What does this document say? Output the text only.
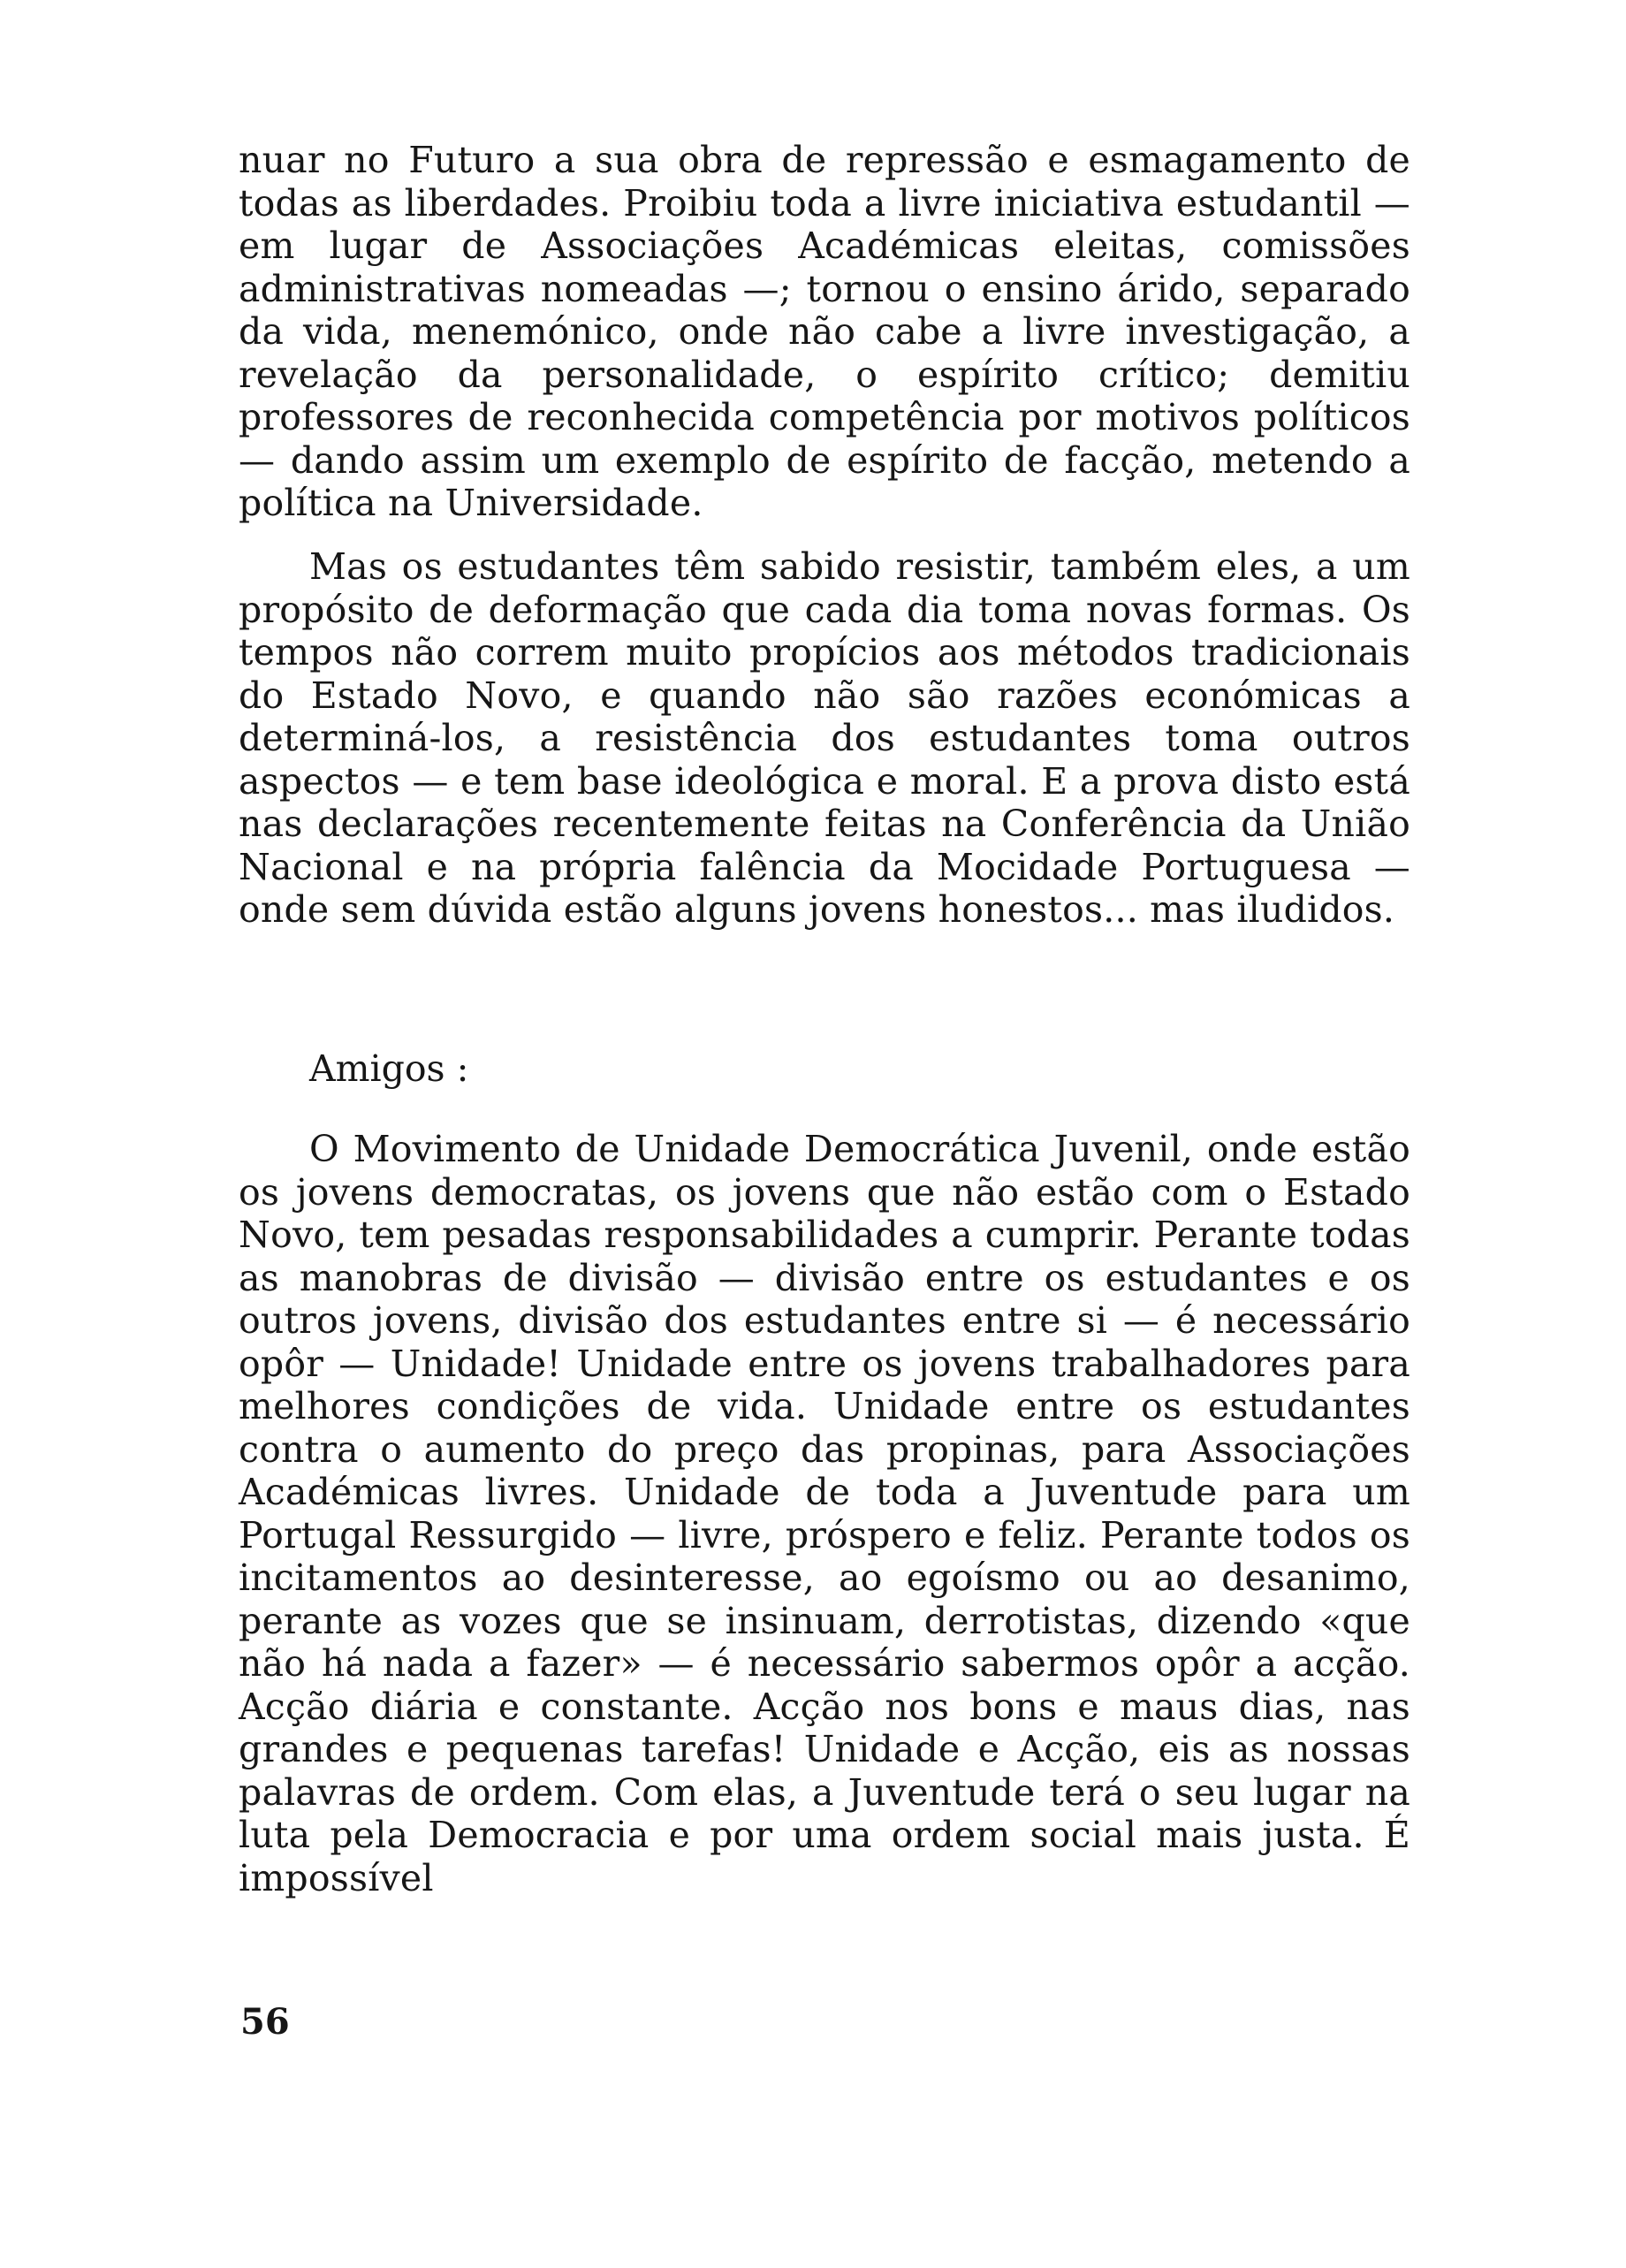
nuar no Futuro a sua obra de repressão e esmagamento de todas as liberdades. Proibiu toda a livre iniciativa estudantil — em lugar de Associações Académicas eleitas, comissões administrativas nomeadas —; tornou o ensino árido, separado da vida, menemónico, onde não cabe a livre investigação, a revelação da personalidade, o espírito crítico; demitiu professores de reconhecida competência por motivos políticos — dando assim um exemplo de espírito de facção, metendo a política na Universidade.

Mas os estudantes têm sabido resistir, também eles, a um propósito de deformação que cada dia toma novas formas. Os tempos não correm muito propícios aos métodos tradicionais do Estado Novo, e quando não são razões económicas a determiná-los, a resistência dos estudantes toma outros aspectos — e tem base ideológica e moral. E a prova disto está nas declarações recentemente feitas na Conferência da União Nacional e na própria falência da Mocidade Portuguesa — onde sem dúvida estão alguns jovens honestos... mas iludidos.

Amigos :

O Movimento de Unidade Democrática Juvenil, onde estão os jovens democratas, os jovens que não estão com o Estado Novo, tem pesadas responsabilidades a cumprir. Perante todas as manobras de divisão — divisão entre os estudantes e os outros jovens, divisão dos estudantes entre si — é necessário opôr — Unidade! Unidade entre os jovens trabalhadores para melhores condições de vida. Unidade entre os estudantes contra o aumento do preço das propinas, para Associações Académicas livres. Unidade de toda a Juventude para um Portugal Ressurgido — livre, próspero e feliz. Perante todos os incitamentos ao desinteresse, ao egoísmo ou ao desanimo, perante as vozes que se insinuam, derrotistas, dizendo «que não há nada a fazer» — é necessário sabermos opôr a acção. Acção diária e constante. Acção nos bons e maus dias, nas grandes e pequenas tarefas! Unidade e Acção, eis as nossas palavras de ordem. Com elas, a Juventude terá o seu lugar na luta pela Democracia e por uma ordem social mais justa. É impossível

56
